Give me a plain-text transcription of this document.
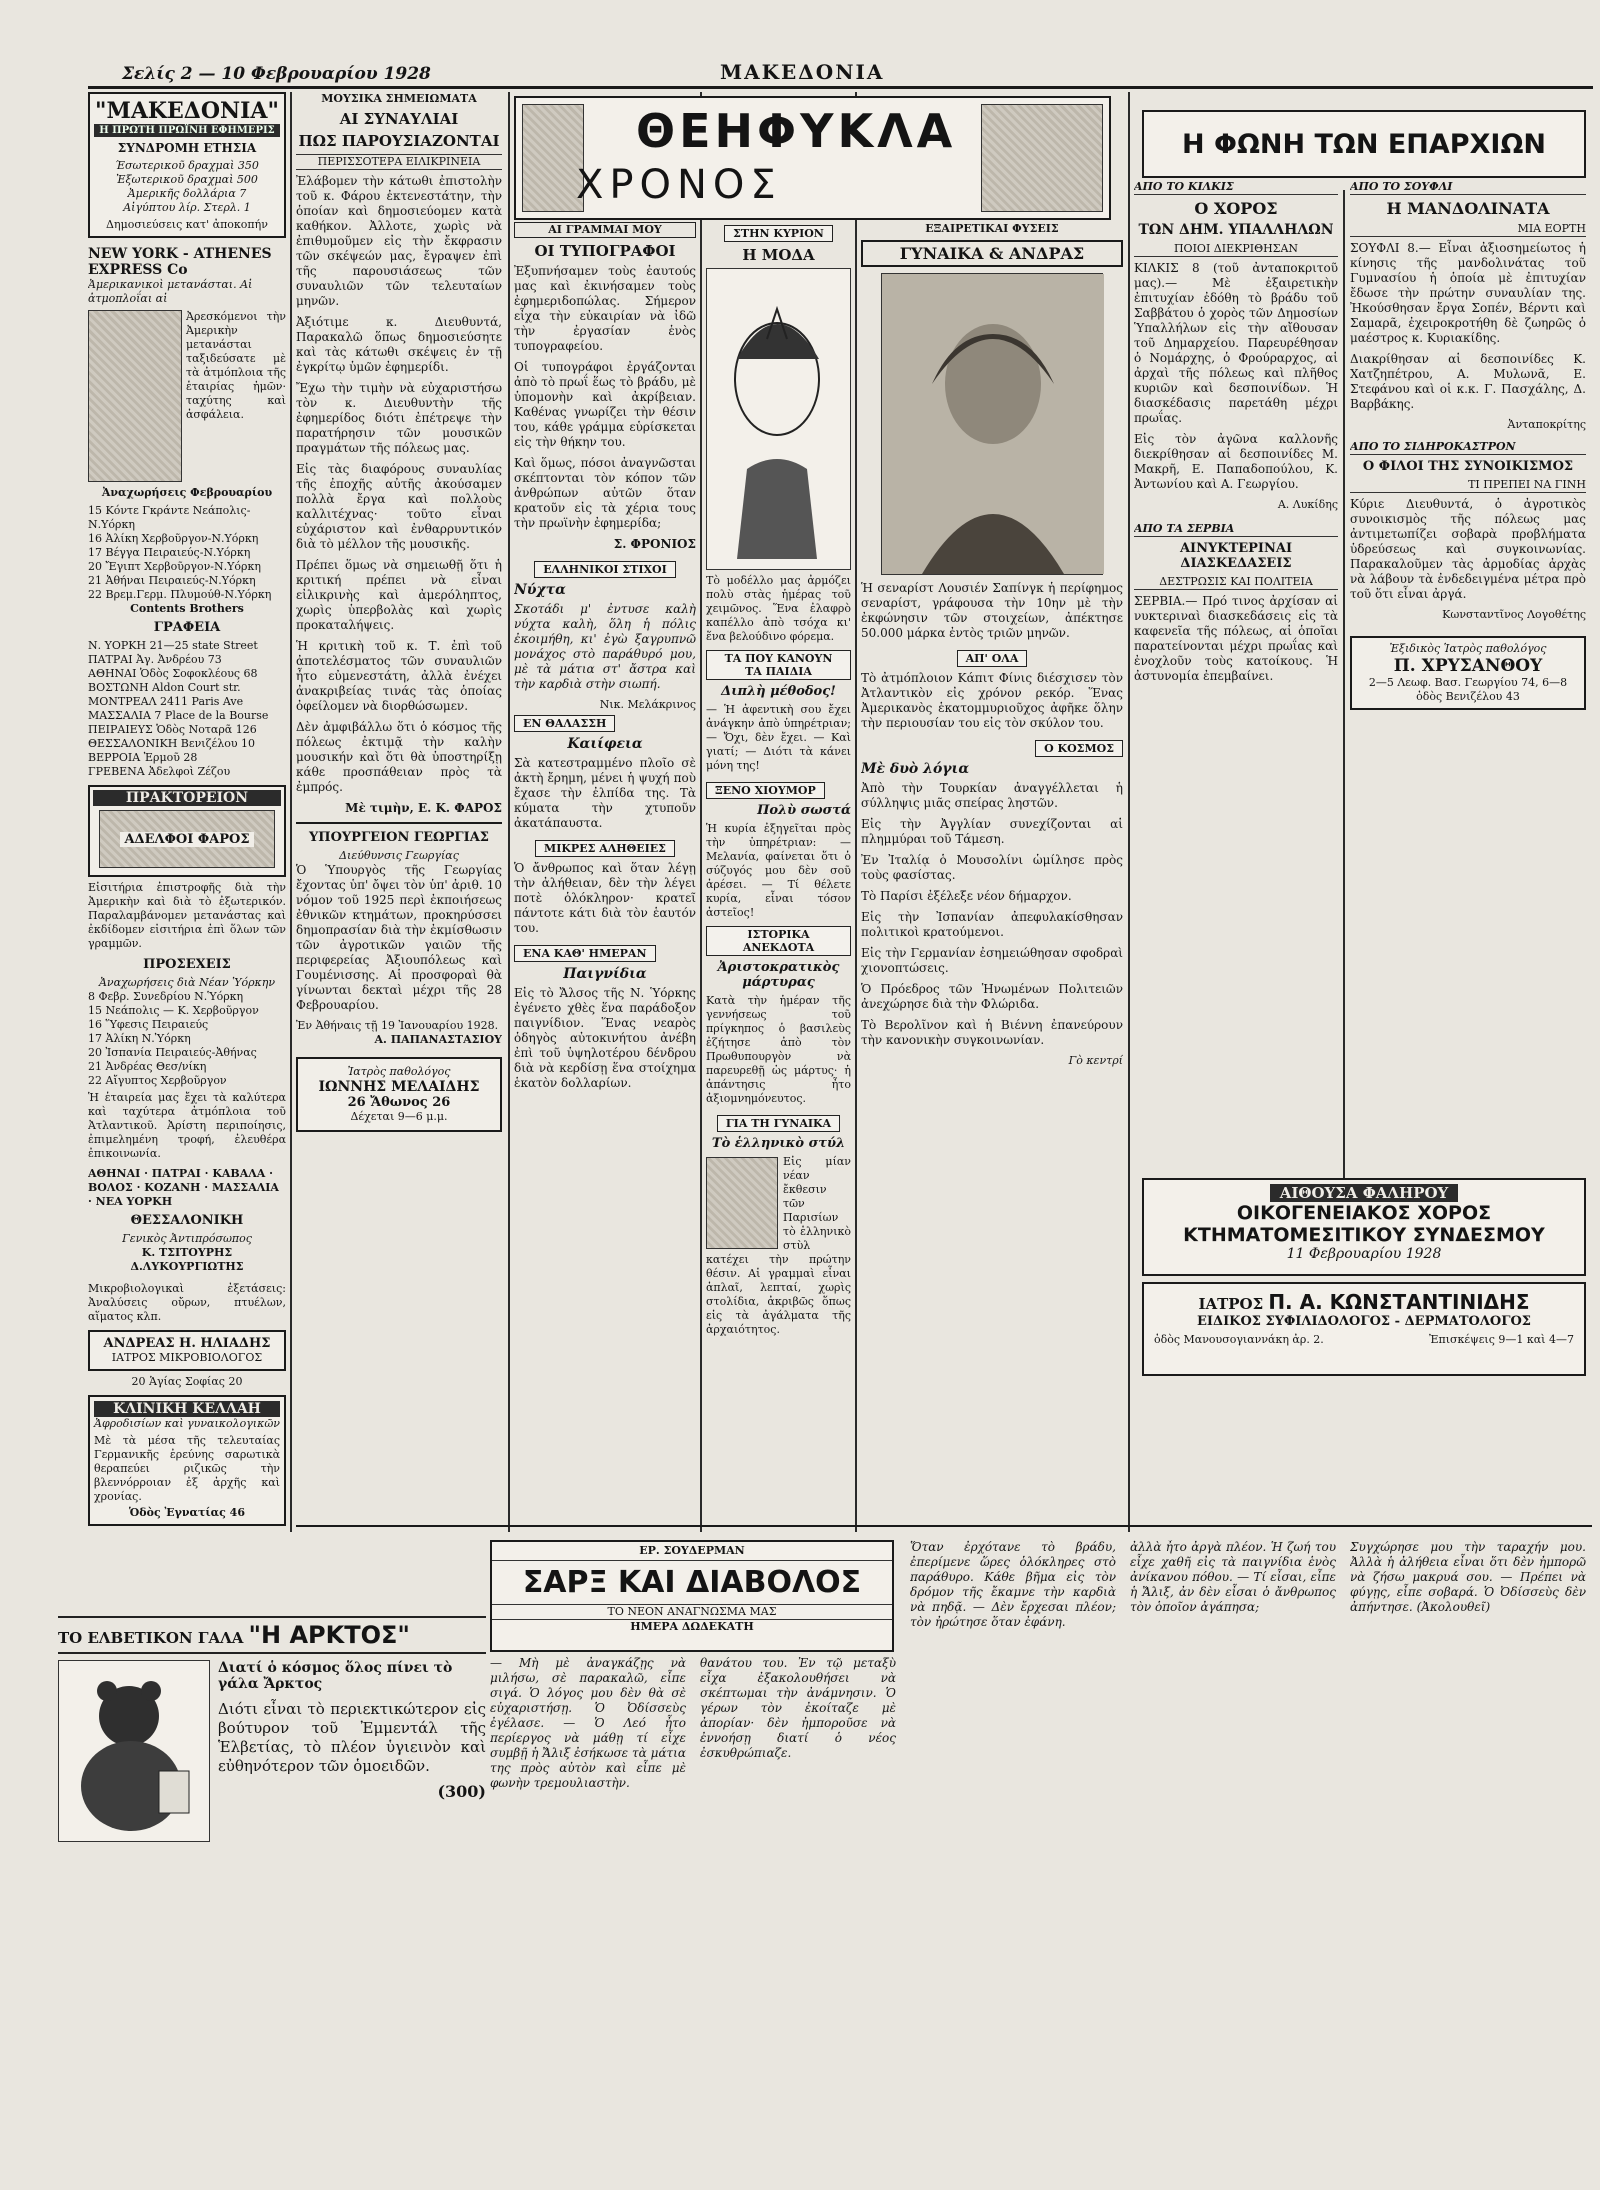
Σελίς 2 — 10 Φεβρουαρίου 1928	ΜΑΚΕΔΟΝΙΑ
"ΜΑΚΕΔΟΝΙΑ"
Η ΠΡΩΤΗ ΠΡΩΪΝΗ ΕΦΗΜΕΡΙΣ
ΣΥΝΔΡΟΜΗ ΕΤΗΣΙΑ
Έσωτερικοῦ δραχμαὶ 350
Ἐξωτερικοῦ δραχμαὶ 500
Ἀμερικῆς δολλάρια 7
Αἰγύπτου λίρ. Στερλ. 1
Δημοσιεύσεις κατ' ἀποκοπήν
NEW YORK - ATHENES EXPRESS Co
Ἀμερικανικοὶ μετανάσται. Αἱ ἀτμοπλοΐαι αἱ
Ἀρεσκόμενοι τὴν Ἀμερικὴν μετανάσται ταξιδεύσατε μὲ τὰ ἀτμόπλοια τῆς ἑταιρίας ἡμῶν· ταχύτης καὶ ἀσφάλεια.
Ἀναχωρήσεις Φεβρουαρίου
15 Κόντε Γκράντε Νεάπολις-Ν.Υόρκη
16 Ἀλίκη Χερβοῦργον-Ν.Υόρκη
17 Βέγγα Πειραιεύς-Ν.Υόρκη
20 Ἔγιπτ Χερβοῦργον-Ν.Υόρκη
21 Ἀθήναι Πειραιεύς-Ν.Υόρκη
22 Βρεμ.Γερμ. Πλυμούθ-Ν.Υόρκη
Contents Brothers
ΓΡΑΦΕΙΑ
Ν. ΥΟΡΚΗ 21—25 state Street
ΠΑΤΡΑΙ Ἀγ. Ἀνδρέου 73
ΑΘΗΝΑΙ Ὁδὸς Σοφοκλέους 68
ΒΟΣΤΩΝΗ Aldon Court str.
ΜΟΝΤΡΕΑΛ 2411 Paris Ave
ΜΑΣΣΑΛΙΑ 7 Place de la Bourse
ΠΕΙΡΑΙΕΥΣ Ὁδὸς Νοταρᾶ 126
ΘΕΣΣΑΛΟΝΙΚΗ Βενιζέλου 10
ΒΕΡΡΟΙΑ Ἑρμοῦ 28
ΓΡΕΒΕΝΑ Ἀδελφοὶ Ζέζου
ΠΡΑΚΤΟΡΕΙΟΝ
ΑΔΕΛΦΟΙ ΦΑΡΟΣ
Εἰσιτήρια ἐπιστροφῆς διὰ τὴν Ἀμερικὴν καὶ διὰ τὸ ἐξωτερικόν. Παραλαμβάνομεν μετανάστας καὶ ἐκδίδομεν εἰσιτήρια ἐπὶ ὅλων τῶν γραμμῶν.
ΠΡΟΣΕΧΕΙΣ
Ἀναχωρήσεις διὰ Νέαν Ὑόρκην
8 Φεβρ. Συνεδρίου Ν.Ὑόρκη
15 Νεάπολις — Κ. Χερβοῦργον
16 Ὕφεσις Πειραιεύς
17 Ἀλίκη Ν.Ὑόρκη
20 Ἰσπανία Πειραιεύς-Ἀθήνας
21 Ἀνδρέας Θεσ/νίκη
22 Αἴγυπτος Χερβοῦργον
Ἡ ἑταιρεία μας ἔχει τὰ καλύτερα καὶ ταχύτερα ἀτμόπλοια τοῦ Ἀτλαντικοῦ. Ἀρίστη περιποίησις, ἐπιμελημένη τροφή, ἐλευθέρα ἐπικοινωνία.
ΑΘΗΝΑΙ · ΠΑΤΡΑΙ · ΚΑΒΑΛΑ · ΒΟΛΟΣ · ΚΟΖΑΝΗ · ΜΑΣΣΑΛΙΑ · ΝΕΑ ΥΟΡΚΗ
ΘΕΣΣΑΛΟΝΙΚΗ
Γενικὸς Ἀντιπρόσωπος
Κ. ΤΣΙΤΟΥΡΗΣ
Δ.ΛΥΚΟΥΡΓΙΩΤΗΣ
Μικροβιολογικαὶ ἐξετάσεις: Ἀναλύσεις οὔρων, πτυέλων, αἵματος κλπ.
ΑΝΔΡΕΑΣ Η. ΗΛΙΑΔΗΣ
ΙΑΤΡΟΣ ΜΙΚΡΟΒΙΟΛΟΓΟΣ
20 Ἁγίας Σοφίας 20
ΚΛΙΝΙΚΗ ΚΕΛΛΑΗ
Ἀφροδισίων καὶ γυναικολογικῶν
Μὲ τὰ μέσα τῆς τελευταίας Γερμανικῆς ἐρεύνης σαρωτικὰ θεραπεύει ριζικῶς τὴν βλεννόρροιαν ἐξ ἀρχῆς καὶ χρονίας.
Ὁδὸς Ἐγνατίας 46
ΜΟΥΣΙΚΑ ΣΗΜΕΙΩΜΑΤΑ
ΑΙ ΣΥΝΑΥΛΙΑΙ
ΠΩΣ ΠΑΡΟΥΣΙΑΖΟΝΤΑΙ
ΠΕΡΙΣΣΟΤΕΡΑ ΕΙΛΙΚΡΙΝΕΙΑ

Ἐλάβομεν τὴν κάτωθι ἐπιστολὴν τοῦ κ. Φάρου ἐκτενεστάτην, τὴν ὁποίαν καὶ δημοσιεύομεν κατὰ καθήκον. Ἀλλοτε, χωρὶς νὰ ἐπιθυμοῦμεν εἰς τὴν ἔκφρασιν τῶν σκέψεών μας, ἔγραψεν ἐπὶ τῆς παρουσιάσεως τῶν συναυλιῶν τῶν τελευταίων μηνῶν.

Ἀξιότιμε κ. Διευθυντά, Παρακαλῶ ὅπως δημοσιεύσητε καὶ τὰς κάτωθι σκέψεις ἐν τῇ ἐγκρίτῳ ὑμῶν ἐφημερίδι.

Ἔχω τὴν τιμὴν νὰ εὐχαριστήσω τὸν κ. Διευθυντὴν τῆς ἐφημερίδος διότι ἐπέτρεψε τὴν παρατήρησιν τῶν μουσικῶν πραγμάτων τῆς πόλεως μας.

Εἰς τὰς διαφόρους συναυλίας τῆς ἐποχῆς αὐτῆς ἀκούσαμεν πολλὰ ἔργα καὶ πολλοὺς καλλιτέχνας· τοῦτο εἶναι εὐχάριστον καὶ ἐνθαρρυντικόν διὰ τὸ μέλλον τῆς μουσικῆς.

Πρέπει ὅμως νὰ σημειωθῇ ὅτι ἡ κριτική πρέπει νὰ εἶναι εἰλικρινὴς καὶ ἀμερόληπτος, χωρὶς ὑπερβολὰς καὶ χωρὶς προκαταλήψεις.

Ἡ κριτικὴ τοῦ κ. Τ. ἐπὶ τοῦ ἀποτελέσματος τῶν συναυλιῶν ἦτο εὐμενεστάτη, ἀλλὰ ἐνέχει ἀνακριβείας τινάς τὰς ὁποίας ὀφείλομεν νὰ διορθώσωμεν.

Δὲν ἀμφιβάλλω ὅτι ὁ κόσμος τῆς πόλεως ἐκτιμᾷ τὴν καλὴν μουσικήν καὶ ὅτι θὰ ὑποστηρίξῃ κάθε προσπάθειαν πρὸς τὰ ἐμπρός.

Μὲ τιμὴν, Ε. Κ. ΦΑΡΟΣ

ΥΠΟΥΡΓΕΙΟΝ ΓΕΩΡΓΙΑΣ
Διεύθυνσις Γεωργίας

Ὁ Ὑπουργὸς τῆς Γεωργίας ἔχοντας ὑπ' ὄψει τὸν ὑπ' ἀριθ. 10 νόμον τοῦ 1925 περὶ ἐκποιήσεως ἐθνικῶν κτημάτων, προκηρύσσει δημοπρασίαν διὰ τὴν ἐκμίσθωσιν τῶν ἀγροτικῶν γαιῶν τῆς περιφερείας Ἀξιουπόλεως καὶ Γουμένισσης. Αἱ προσφοραὶ θὰ γίνωνται δεκταὶ μέχρι τῆς 28 Φεβρουαρίου.

Ἐν Ἀθήναις τῇ 19 Ἰανουαρίου 1928.
Α. ΠΑΠΑΝΑΣΤΑΣΙΟΥ
Ἰατρὸς παθολόγος
ΙΩΝΝΗΣ ΜΕΛΑΙΔΗΣ
26 Ἄθωνος 26
Δέχεται 9—6 μ.μ.
ΑΙ ΓΡΑΜΜΑΙ ΜΟΥ
ΟΙ ΤΥΠΟΓΡΑΦΟΙ

Ἐξυπνήσαμεν τοὺς ἐαυτούς μας καὶ ἐκινήσαμεν τοὺς ἐφημεριδοπώλας. Σήμερον εἶχα τὴν εὐκαιρίαν νὰ ἰδῶ τὴν ἐργασίαν ἑνὸς τυπογραφείου.

Οἱ τυπογράφοι ἐργάζονται ἀπὸ τὸ πρωΐ ἕως τὸ βράδυ, μὲ ὑπομονὴν καὶ ἀκρίβειαν. Καθένας γνωρίζει τὴν θέσιν του, κάθε γράμμα εὑρίσκεται εἰς τὴν θήκην του.

Καὶ ὅμως, πόσοι ἀναγνῶσται σκέπτονται τὸν κόπον τῶν ἀνθρώπων αὐτῶν ὅταν κρατοῦν εἰς τὰ χέρια τους τὴν πρωϊνὴν ἐφημερίδα;

Σ. ΦΡΟΝΙΟΣ

ΕΛΛΗΝΙΚΟΙ ΣΤΙΧΟΙ
Νύχτα

Σκοτάδι μ' ἐντυσε καλὴ νύχτα καλὴ, ὅλη ἡ πόλις ἐκοιμήθη, κι' ἐγὼ ξαγρυπνῶ μονάχος στὸ παράθυρό μου, μὲ τὰ μάτια στ' ἄστρα καὶ τὴν καρδιὰ στὴν σιωπή.

Νικ. Μελάκρινος
ΕΝ ΘΑΛΑΣΣΗ
Καιίφεια

Σὰ κατεστραμμένο πλοῖο σὲ ἀκτὴ ἔρημη, μένει ἡ ψυχή ποὺ ἔχασε τὴν ἐλπίδα της. Τὰ κύματα τὴν χτυποῦν ἀκατάπαυστα.

ΜΙΚΡΕΣ ΑΛΗΘΕΙΕΣ

Ὁ ἄνθρωπος καὶ ὅταν λέγῃ τὴν ἀλήθειαν, δὲν τὴν λέγει ποτὲ ὁλόκληρον· κρατεῖ πάντοτε κάτι διὰ τὸν ἑαυτόν του.

ΕΝΑ ΚΑΘ' ΗΜΕΡΑΝ
Παιγνίδια

Εἰς τὸ Ἄλσος τῆς Ν. Ὑόρκης ἐγένετο χθὲς ἕνα παράδοξον παιγνίδιον. Ἕνας νεαρὸς ὁδηγὸς αὐτοκινήτου ἀνέβη ἐπὶ τοῦ ὑψηλοτέρου δένδρου διὰ νὰ κερδίσῃ ἕνα στοίχημα ἑκατὸν δολλαρίων.

ΘΕΗΦΥΚΛΑ
ΧΡΟΝΟΣ
ΣΤΗΝ ΚΥΡΙΟΝ
Η ΜΟΔΑ

Τὸ μοδέλλο μας ἀρμόζει πολὺ στὰς ἡμέρας τοῦ χειμῶνος. Ἕνα ἐλαφρὸ καπέλλο ἀπὸ τσόχα κι' ἕνα βελούδινο φόρεμα.

ΤΑ ΠΟΥ ΚΑΝΟΥΝ ΤΑ ΠΑΙΔΙΑ
Διπλὴ μέθοδος!

— Ἡ ἀφεντικὴ σου ἔχει ἀνάγκην ἀπὸ ὑπηρέτριαν; — Ὄχι, δὲν ἔχει. — Καὶ γιατί; — Διότι τὰ κάνει μόνη της!

ΞΕΝΟ ΧΙΟΥΜΟΡ
Πολὺ σωστά

Ἡ κυρία ἐξηγεῖται πρὸς τὴν ὑπηρέτριαν: — Μελανία, φαίνεται ὅτι ὁ σύζυγός μου δὲν σοῦ ἀρέσει. — Τί θέλετε κυρία, εἶναι τόσον ἀστεῖος!

ΙΣΤΟΡΙΚΑ ΑΝΕΚΔΟΤΑ
Ἀριστοκρατικὸς μάρτυρας

Κατὰ τὴν ἡμέραν τῆς γεννήσεως τοῦ πρίγκηπος ὁ βασιλεὺς ἐζήτησε ἀπὸ τὸν Πρωθυπουργὸν νὰ παρευρεθῇ ὡς μάρτυς· ἡ ἀπάντησις ἦτο ἀξιομνημόνευτος.

ΓΙΑ ΤΗ ΓΥΝΑΙΚΑ
Τὸ ἑλληνικὸ στύλ

Εἰς μίαν νέαν ἔκθεσιν τῶν Παρισίων τὸ ἑλληνικὸ στὺλ κατέχει τὴν πρώτην θέσιν. Αἱ γραμμαὶ εἶναι ἁπλαῖ, λεπταί, χωρὶς στολίδια, ἀκριβῶς ὅπως εἰς τὰ ἀγάλματα τῆς ἀρχαιότητος.

ΕΞΑΙΡΕΤΙΚΑΙ ΦΥΣΕΙΣ
ΓΥΝΑΙΚΑ & ΑΝΔΡΑΣ

Ἡ σεναρίστ Λουσιέν Σαπίνγκ ἡ περίφημος σεναρίστ, γράφουσα τὴν 10ην μὲ τὴν ἐκφώνησιν τῶν στοιχείων, ἀπέκτησε 50.000 μάρκα ἐντὸς τριῶν μηνῶν.

ΑΠ' ΟΛΑ

Τὸ ἀτμόπλοιον Κάπιτ Φίνις διέσχισεν τὸν Ἀτλαντικὸν εἰς χρόνον ρεκόρ. Ἕνας Ἀμερικανὸς ἑκατομμυριοῦχος ἀφῆκε ὅλην τὴν περιουσίαν του εἰς τὸν σκύλον του.

Ο ΚΟΣΜΟΣ
Μὲ δυὸ λόγια

Ἀπὸ τὴν Τουρκίαν ἀναγγέλλεται ἡ σύλληψις μιᾶς σπείρας ληστῶν.

Εἰς τὴν Ἀγγλίαν συνεχίζονται αἱ πλημμύραι τοῦ Τάμεση.

Ἐν Ἰταλίᾳ ὁ Μουσολίνι ὡμίλησε πρὸς τοὺς φασίστας.

Τὸ Παρίσι ἐξέλεξε νέον δήμαρχον.

Εἰς τὴν Ἰσπανίαν ἀπεφυλακίσθησαν πολιτικοὶ κρατούμενοι.

Εἰς τὴν Γερμανίαν ἐσημειώθησαν σφοδραὶ χιονοπτώσεις.

Ὁ Πρόεδρος τῶν Ἡνωμένων Πολιτειῶν ἀνεχώρησε διὰ τὴν Φλώριδα.

Τὸ Βερολῖνον καὶ ἡ Βιέννη ἐπανεύρουν τὴν κανονικὴν συγκοινωνίαν.

Γὸ κεντρί
Η ΦΩΝΗ ΤΩΝ ΕΠΑΡΧΙΩΝ
ΑΠΟ ΤΟ ΚΙΛΚΙΣ
Ο ΧΟΡΟΣ
ΤΩΝ ΔΗΜ. ΥΠΑΛΛΗΛΩΝ
ΠΟΙΟΙ ΔΙΕΚΡΙΘΗΣΑΝ

ΚΙΛΚΙΣ 8 (τοῦ ἀνταποκριτοῦ μας).— Μὲ ἐξαιρετικὴν ἐπιτυχίαν ἐδόθη τὸ βράδυ τοῦ Σαββάτου ὁ χορὸς τῶν Δημοσίων Ὑπαλλήλων εἰς τὴν αἴθουσαν τοῦ Δημαρχείου. Παρευρέθησαν ὁ Νομάρχης, ὁ Φρούραρχος, αἱ ἀρχαὶ τῆς πόλεως καὶ πλῆθος κυριῶν καὶ δεσποινίδων. Ἡ διασκέδασις παρετάθη μέχρι πρωΐας.

Εἰς τὸν ἀγῶνα καλλονῆς διεκρίθησαν αἱ δεσποινίδες Μ. Μακρῆ, Ε. Παπαδοπούλου, Κ. Ἀντωνίου καὶ Α. Γεωργίου.

Α. Λυκίδης
ΑΠΟ ΤΑ ΣΕΡΒΙΑ
ΑΙΝΥΚΤΕΡΙΝΑΙ ΔΙΑΣΚΕΔΑΣΕΙΣ
ΔΕΣΤΡΩΣΙΣ ΚΑΙ ΠΟΛΙΤΕΙΑ

ΣΕΡΒΙΑ.— Πρό τινος ἀρχίσαν αἱ νυκτεριναὶ διασκεδάσεις εἰς τὰ καφενεῖα τῆς πόλεως, αἱ ὁποῖαι παρατείνονται μέχρι πρωΐας καὶ ἐνοχλοῦν τοὺς κατοίκους. Ἡ ἀστυνομία ἐπεμβαίνει.

ΑΠΟ ΤΟ ΣΟΥΦΛΙ
Η ΜΑΝΔΟΛΙΝΑΤΑ
ΜΙΑ ΕΟΡΤΗ

ΣΟΥΦΛΙ 8.— Εἶναι ἀξιοσημείωτος ἡ κίνησις τῆς μανδολινάτας τοῦ Γυμνασίου ἡ ὁποία μὲ ἐπιτυχίαν ἔδωσε τὴν πρώτην συναυλίαν της. Ἠκούσθησαν ἔργα Σοπέν, Βέρντι καὶ Σαμαρᾶ, ἐχειροκροτήθη δὲ ζωηρῶς ὁ μαέστρος κ. Κυριακίδης.

Διακρίθησαν αἱ δεσποινίδες Κ. Χατζηπέτρου, Α. Μυλωνᾶ, Ε. Στεφάνου καὶ οἱ κ.κ. Γ. Πασχάλης, Δ. Βαρβάκης.

Ἀνταποκρίτης
ΑΠΟ ΤΟ ΣΙΔΗΡΟΚΑΣΤΡΟΝ
Ο ΦΙΛΟΙ ΤΗΣ ΣΥΝΟΙΚΙΣΜΟΣ
ΤΙ ΠΡΕΠΕΙ ΝΑ ΓΙΝΗ

Κύριε Διευθυντά, ὁ ἀγροτικὸς συνοικισμὸς τῆς πόλεως μας ἀντιμετωπίζει σοβαρὰ προβλήματα ὑδρεύσεως καὶ συγκοινωνίας. Παρακαλοῦμεν τὰς ἀρμοδίας ἀρχὰς νὰ λάβουν τὰ ἐνδεδειγμένα μέτρα πρὸ τοῦ ὅτι εἶναι ἀργά.

Κωνσταντῖνος Λογοθέτης
Ἐξιδικὸς Ἱατρὸς παθολόγος
Π. ΧΡΥΣΑΝΘΟΥ
2—5 Λεωφ. Βασ. Γεωργίου 74, 6—8 ὁδὸς Βενιζέλου 43
ΑΙΘΟΥΣΑ ΦΑΛΗΡΟΥ
ΟΙΚΟΓΕΝΕΙΑΚΟΣ ΧΟΡΟΣ
ΚΤΗΜΑΤΟΜΕΣΙΤΙΚΟΥ ΣΥΝΔΕΣΜΟΥ
11 Φεβρουαρίου 1928
ΙΑΤΡΟΣ Π. Α. ΚΩΝΣΤΑΝΤΙΝΙΔΗΣ
ΕΙΔΙΚΟΣ ΣΥΦΙΛΙΔΟΛΟΓΟΣ - ΔΕΡΜΑΤΟΛΟΓΟΣ
ὁδὸς Μανουσογιαννάκη ἀρ. 2.	Ἐπισκέψεις 9—1 καὶ 4—7
ΕΡ. ΣΟΥΔΕΡΜΑΝ
ΣΑΡΞ ΚΑΙ ΔΙΑΒΟΛΟΣ
ΤΟ ΝΕΟΝ ΑΝΑΓΝΩΣΜΑ ΜΑΣ
ΗΜΕΡΑ ΔΩΔΕΚΑΤΗ

— Μὴ μὲ ἀναγκάζῃς νὰ μιλήσω, σὲ παρακαλῶ, εἶπε σιγά. Ὁ λόγος μου δὲν θὰ σὲ εὐχαριστήσῃ. Ὁ Ὀδίσσεὺς ἐγέλασε. — Ὁ Λεό ἦτο περίεργος νὰ μάθῃ τί εἶχε συμβῇ ἡ Ἄλιξ ἐσήκωσε τὰ μάτια της πρὸς αὐτὸν καὶ εἶπε μὲ φωνὴν τρεμουλιαστὴν.

θανάτου του. Ἐν τῷ μεταξὺ εἶχα ἐξακολουθήσει νὰ σκέπτωμαι τὴν ἀνάμνησιν. Ὁ γέρων τὸν ἐκοίταζε μὲ ἀπορίαν· δὲν ἠμποροῦσε νὰ ἐννοήσῃ διατί ὁ νέος ἐσκυθρώπιαζε.

Ὅταν ἐρχότανε τὸ βράδυ, ἐπερίμενε ὥρες ὁλόκληρες στὸ παράθυρο. Κάθε βῆμα εἰς τὸν δρόμον τῆς ἔκαμνε τὴν καρδιὰ νὰ πηδᾷ. — Δὲν ἔρχεσαι πλέον; τὸν ἠρώτησε ὅταν ἐφάνη.

ἀλλὰ ἦτο ἀργὰ πλέον. Ἡ ζωή του εἶχε χαθῆ εἰς τὰ παιγνίδια ἑνὸς ἀνίκανου πόθου. — Τί εἶσαι, εἶπε ἡ Ἄλιξ, ἀν δὲν εἶσαι ὁ ἄνθρωπος τὸν ὁποῖον ἀγάπησα;

Συγχώρησε μου τὴν ταραχήν μου. Ἀλλὰ ἡ ἀλήθεια εἶναι ὅτι δὲν ἠμπορῶ νὰ ζήσω μακρυά σου. — Πρέπει νὰ φύγῃς, εἶπε σοβαρά. Ὁ Ὀδίσσεὺς δὲν ἀπήντησε. (Ἀκολουθεῖ)

ΤΟ ΕΛΒΕΤΙΚΟΝ ΓΑΛΑ "Η ΑΡΚΤΟΣ"
Διατί ὁ κόσμος ὅλος πίνει τὸ γάλα Ἄρκτος

Διότι εἶναι τὸ περιεκτικώτερον εἰς βούτυρον τοῦ Ἐμμεντάλ τῆς Ἑλβετίας, τὸ πλέον ὑγιεινὸν καὶ εὐθηνότερον τῶν ὁμοειδῶν.

(300)
